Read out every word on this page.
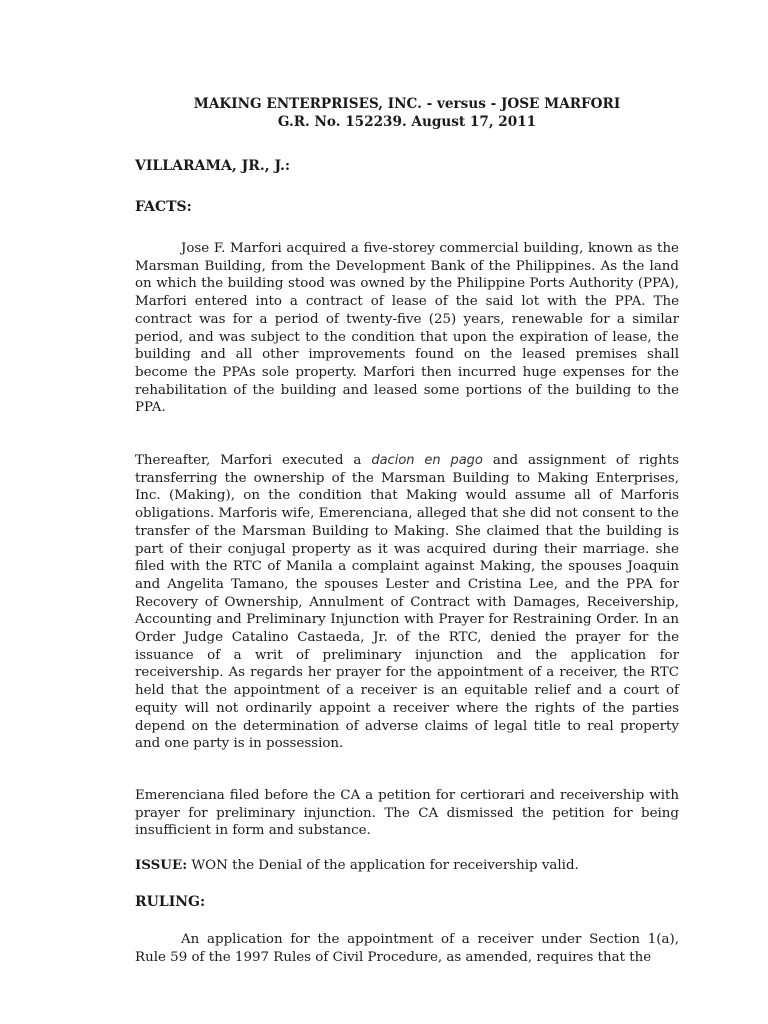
MAKING ENTERPRISES, INC. - versus - JOSE MARFORI
G.R. No. 152239. August 17, 2011
VILLARAMA, JR., J.:
FACTS:

Jose F. Marfori acquired a five-storey commercial building, known as the Marsman Building, from the Development Bank of the Philippines. As the land on which the building stood was owned by the Philippine Ports Authority (PPA), Marfori entered into a contract of lease of the said lot with the PPA. The contract was for a period of twenty-five (25) years, renewable for a similar period, and was subject to the condition that upon the expiration of lease, the building and all other improvements found on the leased premises shall become the PPAs sole property. Marfori then incurred huge expenses for the rehabilitation of the building and leased some portions of the building to the PPA.

Thereafter, Marfori executed a dacion en pago and assignment of rights transferring the ownership of the Marsman Building to Making Enterprises, Inc. (Making), on the condition that Making would assume all of Marforis obligations. Marforis wife, Emerenciana, alleged that she did not consent to the transfer of the Marsman Building to Making. She claimed that the building is part of their conjugal property as it was acquired during their marriage. she filed with the RTC of Manila a complaint against Making, the spouses Joaquin and Angelita Tamano, the spouses Lester and Cristina Lee, and the PPA for Recovery of Ownership, Annulment of Contract with Damages, Receivership, Accounting and Preliminary Injunction with Prayer for Restraining Order. In an Order Judge Catalino Castaeda, Jr. of the RTC, denied the prayer for the issuance of a writ of preliminary injunction and the application for receivership. As regards her prayer for the appointment of a receiver, the RTC held that the appointment of a receiver is an equitable relief and a court of equity will not ordinarily appoint a receiver where the rights of the parties depend on the determination of adverse claims of legal title to real property and one party is in possession.

Emerenciana filed before the CA a petition for certiorari and receivership with prayer for preliminary injunction. The CA dismissed the petition for being insufficient in form and substance.

ISSUE: WON the Denial of the application for receivership valid.

RULING:

An application for the appointment of a receiver under Section 1(a), Rule 59 of the 1997 Rules of Civil Procedure, as amended, requires that the
